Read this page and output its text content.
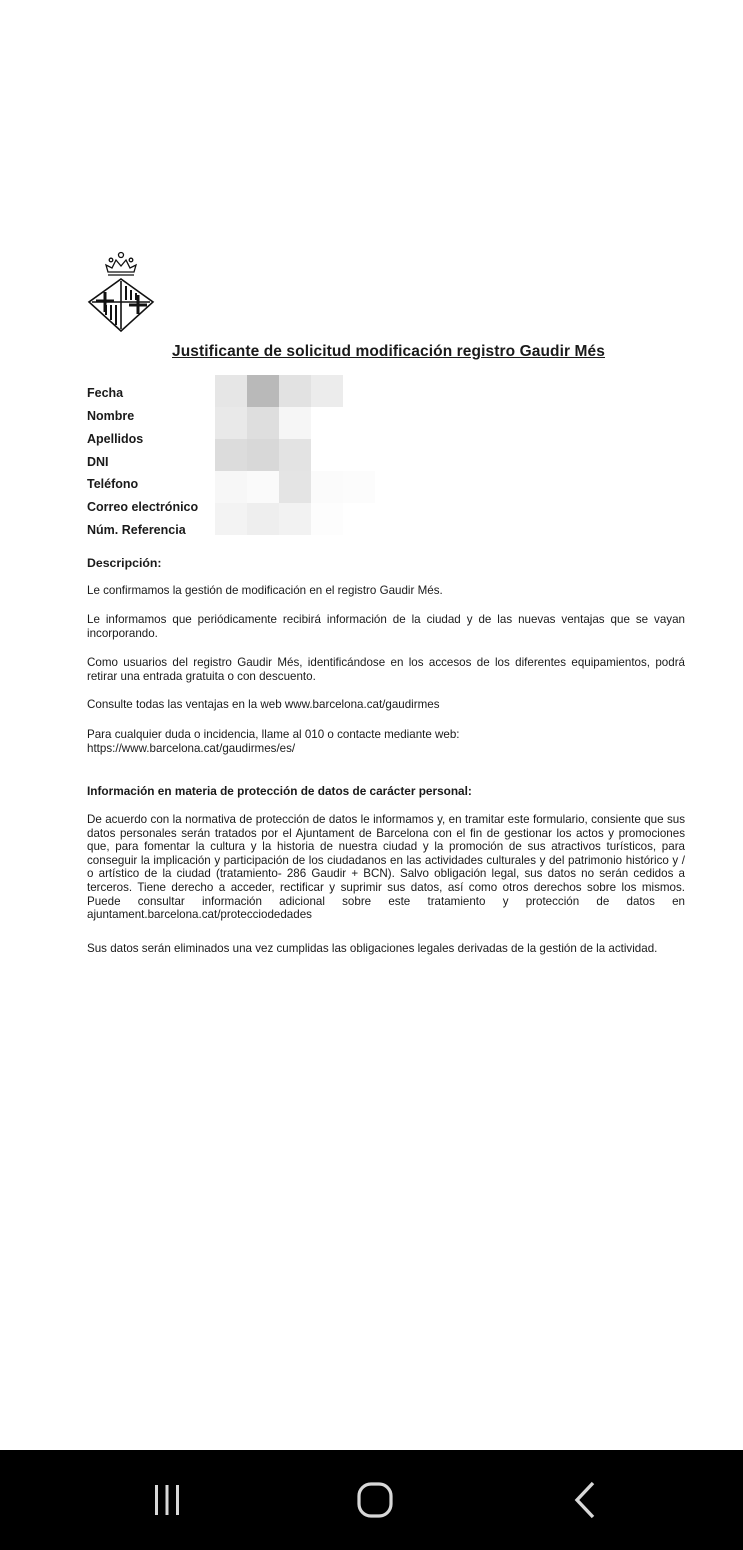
Justificante de solicitud modificación registro Gaudir Més
Fecha
Nombre
Apellidos
DNI
Teléfono
Correo electrónico
Núm. Referencia
Descripción:

Le confirmamos la gestión de modificación en el registro Gaudir Més.

Le informamos que periódicamente recibirá información de la ciudad y de las nuevas ventajas que se vayan incorporando.

Como usuarios del registro Gaudir Més, identificándose en los accesos de los diferentes equipamientos, podrá retirar una entrada gratuita o con descuento.

Consulte todas las ventajas en la web www.barcelona.cat/gaudirmes

Para cualquier duda o incidencia, llame al 010 o contacte mediante web: https://www.barcelona.cat/gaudirmes/es/

Información en materia de protección de datos de carácter personal:

De acuerdo con la normativa de protección de datos le informamos y, en tramitar este formulario, consiente que sus datos personales serán tratados por el Ajuntament de Barcelona con el fin de gestionar los actos y promociones que, para fomentar la cultura y la historia de nuestra ciudad y la promoción de sus atractivos turísticos, para conseguir la implicación y participación de los ciudadanos en las actividades culturales y del patrimonio histórico y / o artístico de la ciudad (tratamiento- 286 Gaudir + BCN). Salvo obligación legal, sus datos no serán cedidos a terceros. Tiene derecho a acceder, rectificar y suprimir sus datos, así como otros derechos sobre los mismos. Puede consultar información adicional sobre este tratamiento y protección de datos en ajuntament.barcelona.cat/protecciodedades

Sus datos serán eliminados una vez cumplidas las obligaciones legales derivadas de la gestión de la actividad.
